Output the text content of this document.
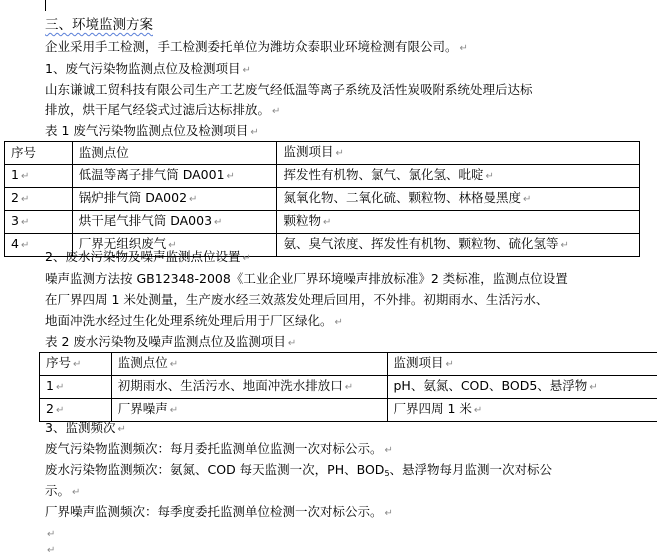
三、环境监测方案
企业采用手工检测，手工检测委托单位为潍坊众泰职业环境检测有限公司。 ↵
1、废气污染物监测点位及检测项目 ↵
山东谦诚工贸科技有限公司生产工艺废气经低温等离子系统及活性炭吸附系统处理后达标
排放，烘干尾气经袋式过滤后达标排放。 ↵
表 1 废气污染物监测点位及检测项目 ↵
序号	监测点位	监测项目 ↵
1 ↵	低温等离子排气筒 DA001 ↵	挥发性有机物、氯气、氯化氢、吡啶 ↵
2 ↵	锅炉排气筒 DA002 ↵	氮氧化物、二氧化硫、颗粒物、林格曼黑度 ↵
3 ↵	烘干尾气排气筒 DA003 ↵	颗粒物 ↵
4 ↵	厂界无组织废气 ↵	氨、臭气浓度、挥发性有机物、颗粒物、硫化氢等 ↵
2、废水污染物及噪声监测点位设置 ↵
噪声监测方法按 GB12348-2008《工业企业厂界环境噪声排放标准》2 类标准，监测点位设置
在厂界四周 1 米处测量，生产废水经三效蒸发处理后回用，不外排。初期雨水、生活污水、
地面冲洗水经过生化处理系统处理后用于厂区绿化。 ↵
表 2 废水污染物及噪声监测点位及监测项目 ↵
序号 ↵	监测点位 ↵	监测项目 ↵
1 ↵	初期雨水、生活污水、地面冲洗水排放口 ↵	pH、氨氮、COD、BOD5、悬浮物 ↵
2 ↵	厂界噪声 ↵	厂界四周 1 米 ↵
3、监测频次 ↵
废气污染物监测频次：每月委托监测单位监测一次对标公示。 ↵
废水污染物监测频次：氨氮、COD 每天监测一次，PH、$BOD_5$、悬浮物每月监测一次对标公
示。 ↵
厂界噪声监测频次：每季度委托监测单位检测一次对标公示。 ↵
↵
↵
